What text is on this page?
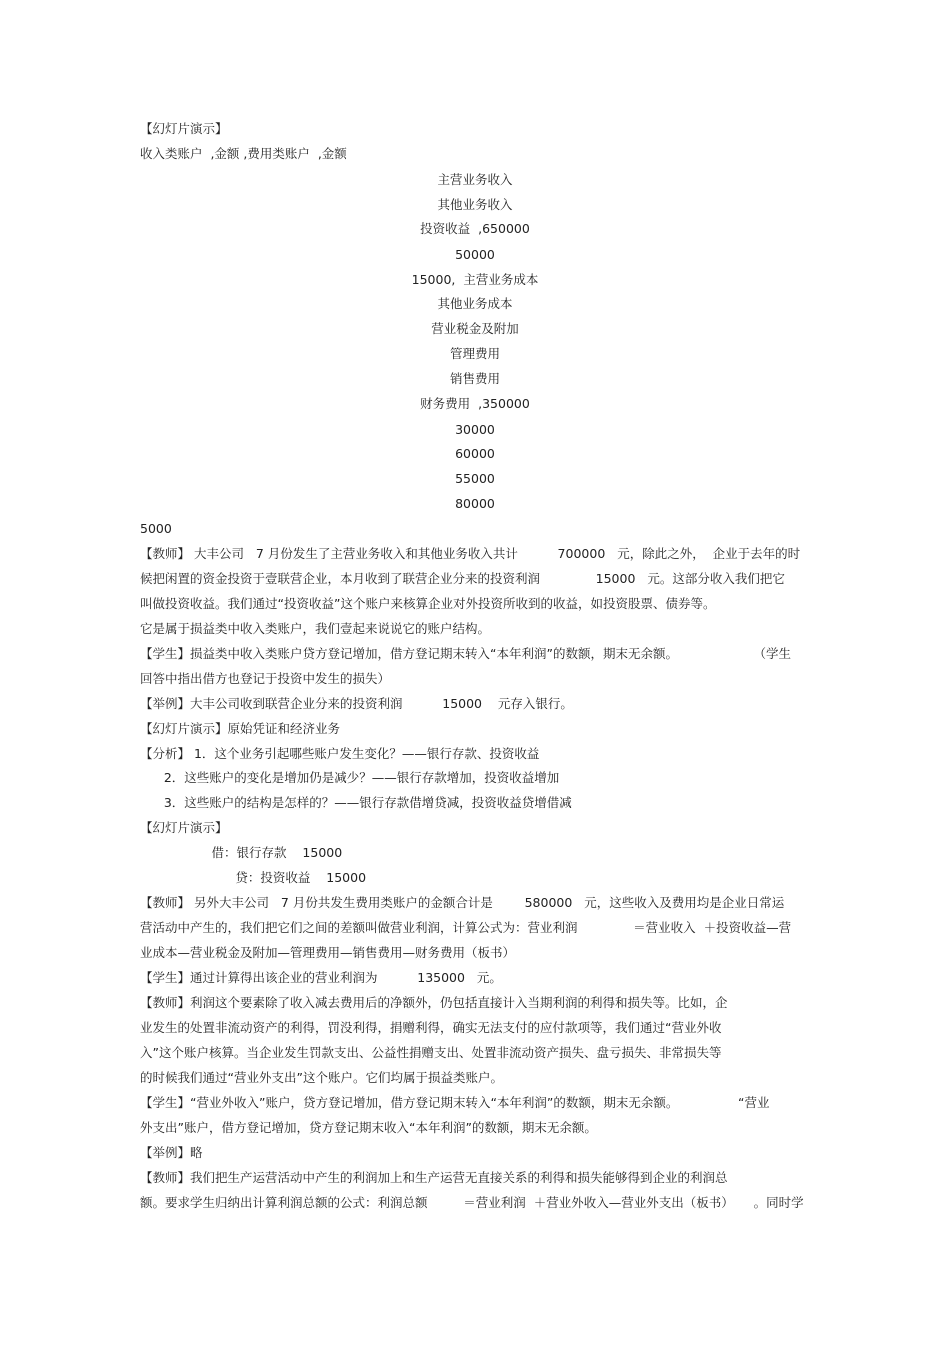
【幻灯片演示】
收入类账户  ,金额 ,费用类账户  ,金额
主营业务收入
其他业务收入
投资收益  ,650000
50000
15000,  主营业务成本
其他业务成本
营业税金及附加
管理费用
销售费用
财务费用  ,350000
30000
60000
55000
80000
5000
【教师】 大丰公司   7 月份发生了主营业务收入和其他业务收入共计          700000   元，除此之外，  企业于去年的时
候把闲置的资金投资于壹联营企业，本月收到了联营企业分来的投资利润              15000   元。这部分收入我们把它
叫做投资收益。我们通过“投资收益”这个账户来核算企业对外投资所收到的收益，如投资股票、债券等。
它是属于损益类中收入类账户，我们壹起来说说它的账户结构。
【学生】损益类中收入类账户贷方登记增加，借方登记期末转入“本年利润”的数额，期末无余额。                   （学生
回答中指出借方也登记于投资中发生的损失）
【举例】大丰公司收到联营企业分来的投资利润          15000    元存入银行。
【幻灯片演示】原始凭证和经济业务
【分析】 1．这个业务引起哪些账户发生变化？——银行存款、投资收益
2．这些账户的变化是增加仍是减少？——银行存款增加，投资收益增加
3．这些账户的结构是怎样的？——银行存款借增贷减，投资收益贷增借减
【幻灯片演示】
借：银行存款    15000
贷：投资收益    15000
【教师】 另外大丰公司   7 月份共发生费用类账户的金额合计是        580000   元，这些收入及费用均是企业日常运
营活动中产生的，我们把它们之间的差额叫做营业利润，计算公式为：营业利润              ＝营业收入  ＋投资收益—营
业成本—营业税金及附加—管理费用—销售费用—财务费用（板书）
【学生】通过计算得出该企业的营业利润为          135000   元。
【教师】利润这个要素除了收入减去费用后的净额外，仍包括直接计入当期利润的利得和损失等。比如，企
业发生的处置非流动资产的利得，罚没利得，捐赠利得，确实无法支付的应付款项等，我们通过“营业外收
入”这个账户核算。当企业发生罚款支出、公益性捐赠支出、处置非流动资产损失、盘亏损失、非常损失等
的时候我们通过“营业外支出”这个账户。它们均属于损益类账户。
【学生】“营业外收入”账户，贷方登记增加，借方登记期末转入“本年利润”的数额，期末无余额。               “营业
外支出”账户，借方登记增加，贷方登记期末收入“本年利润”的数额，期末无余额。
【举例】略
【教师】我们把生产运营活动中产生的利润加上和生产运营无直接关系的利得和损失能够得到企业的利润总
额。要求学生归纳出计算利润总额的公式：利润总额         ＝营业利润  ＋营业外收入—营业外支出（板书）     。同时学
